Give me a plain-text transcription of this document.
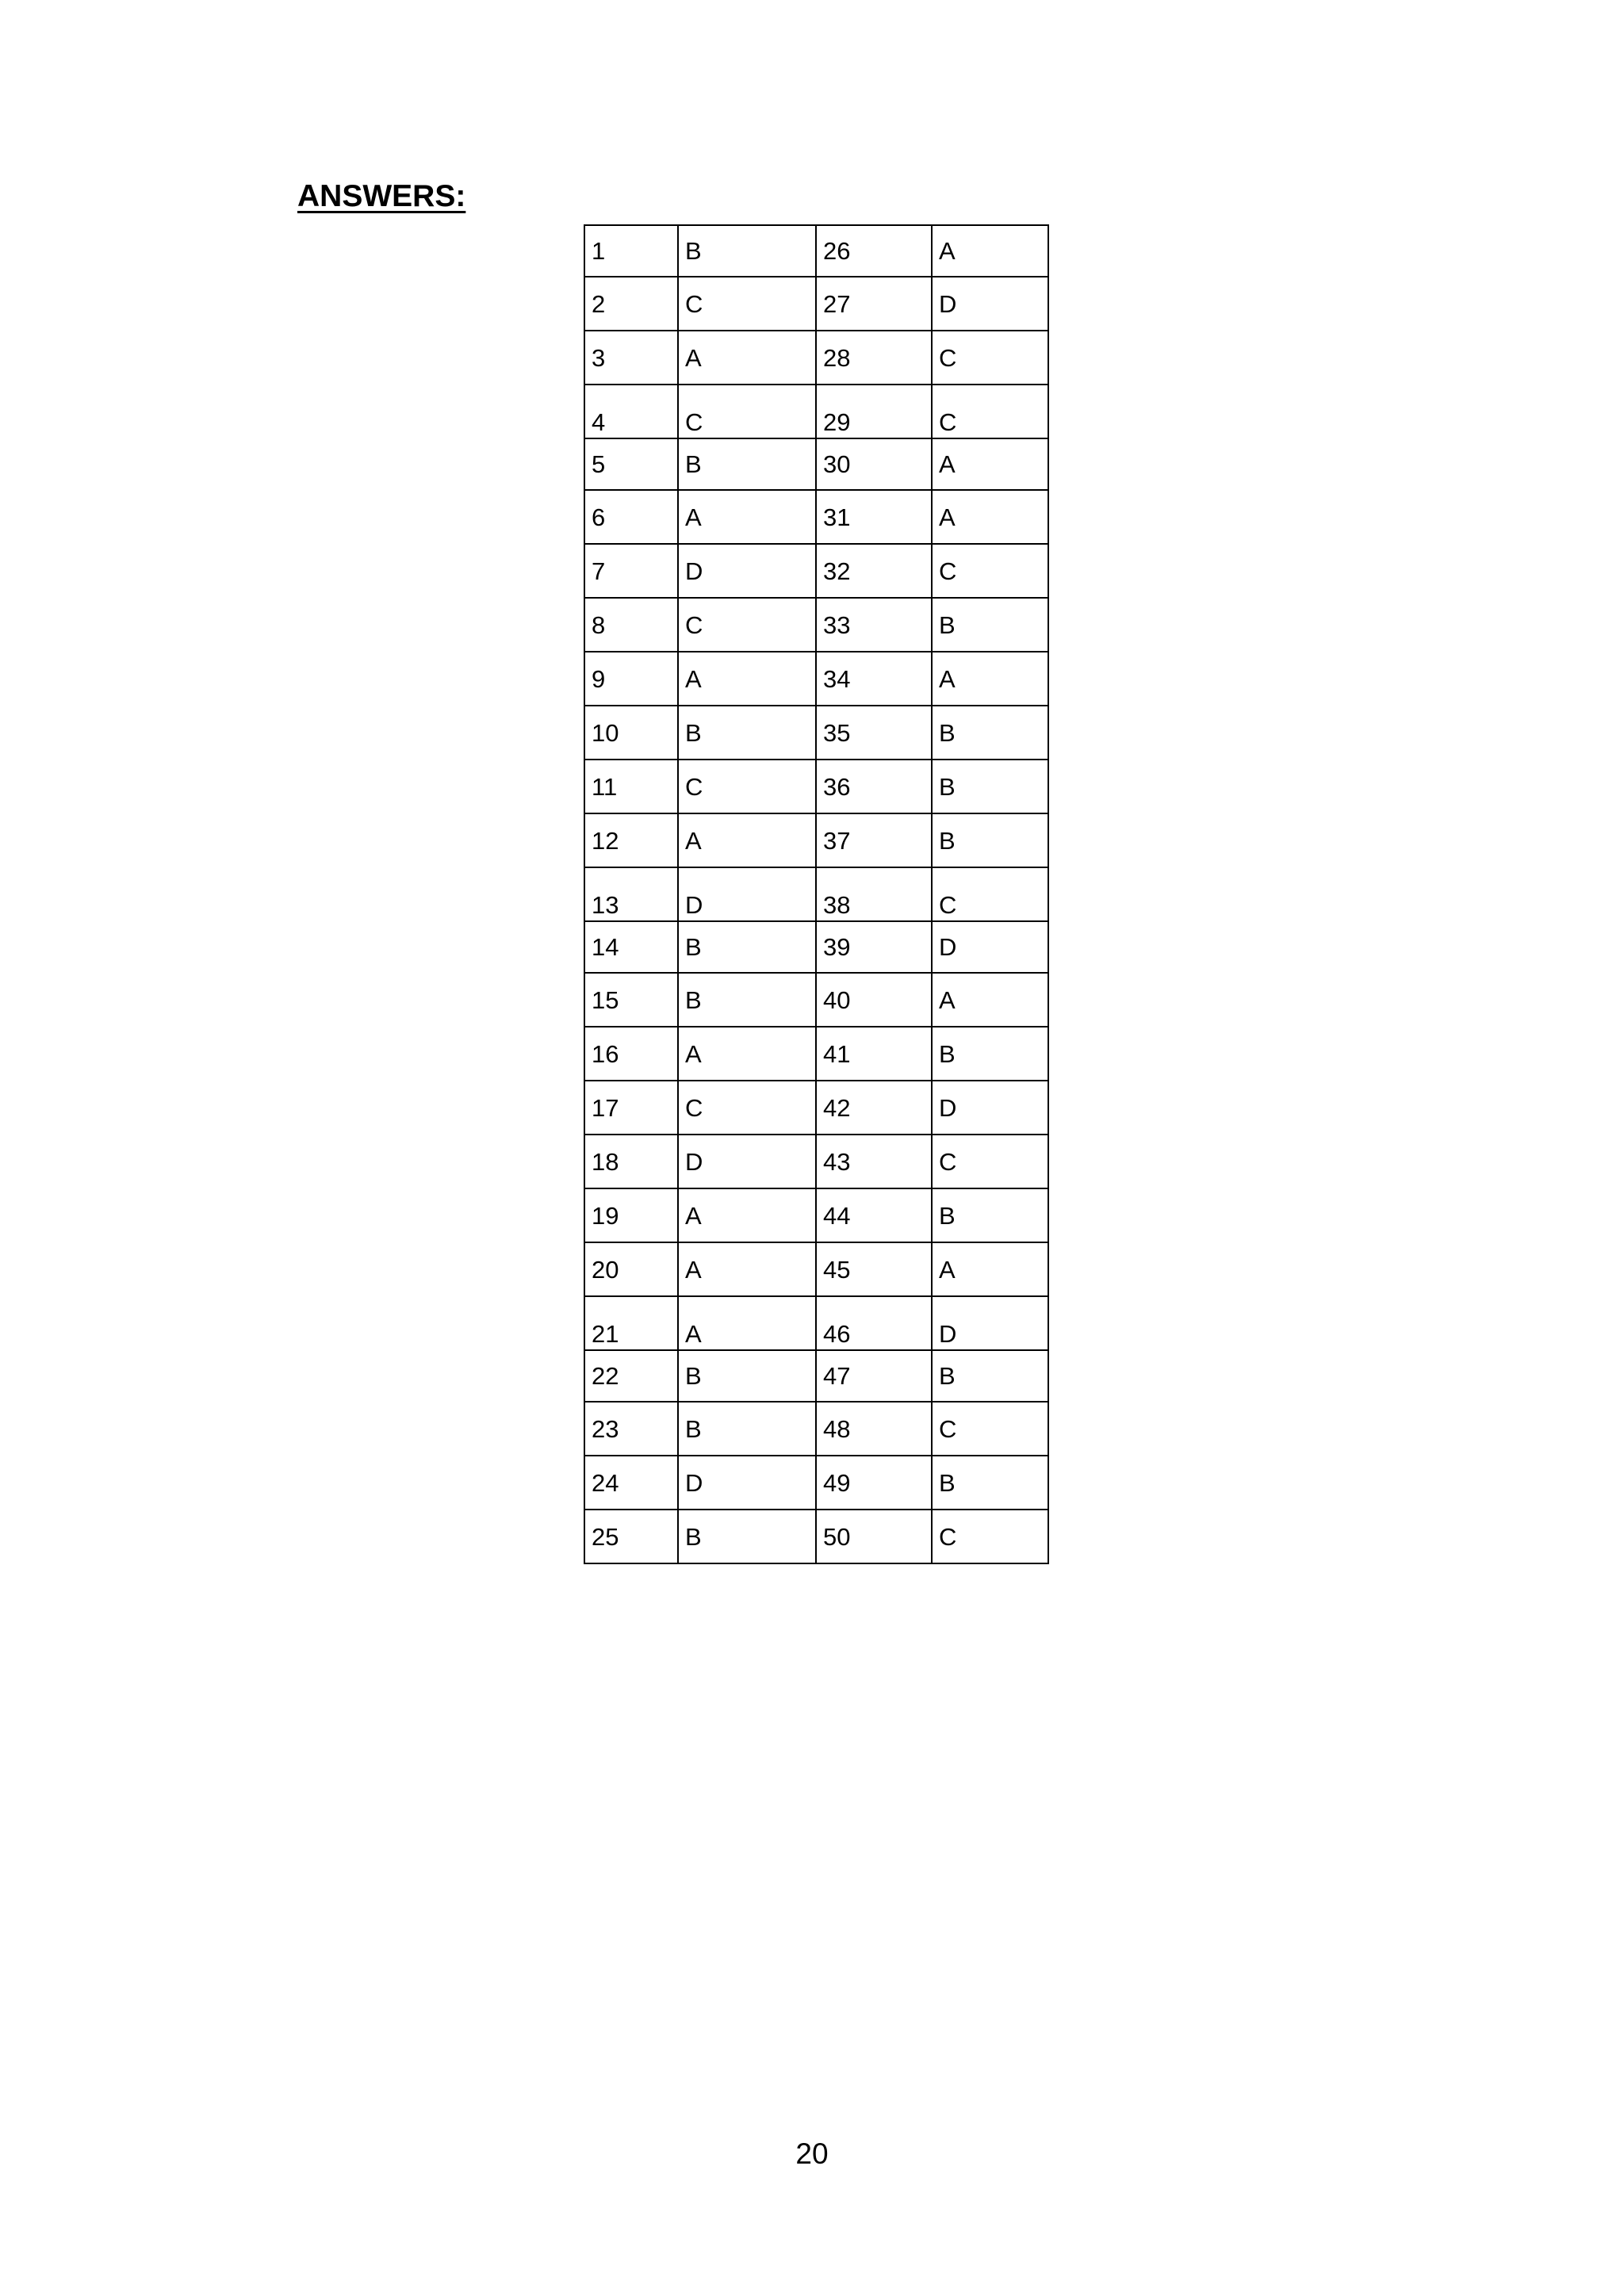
ANSWERS:
1	B	26	A
2	C	27	D
3	A	28	C
4	C	29	C
5	B	30	A
6	A	31	A
7	D	32	C
8	C	33	B
9	A	34	A
10	B	35	B
11	C	36	B
12	A	37	B
13	D	38	C
14	B	39	D
15	B	40	A
16	A	41	B
17	C	42	D
18	D	43	C
19	A	44	B
20	A	45	A
21	A	46	D
22	B	47	B
23	B	48	C
24	D	49	B
25	B	50	C
20
